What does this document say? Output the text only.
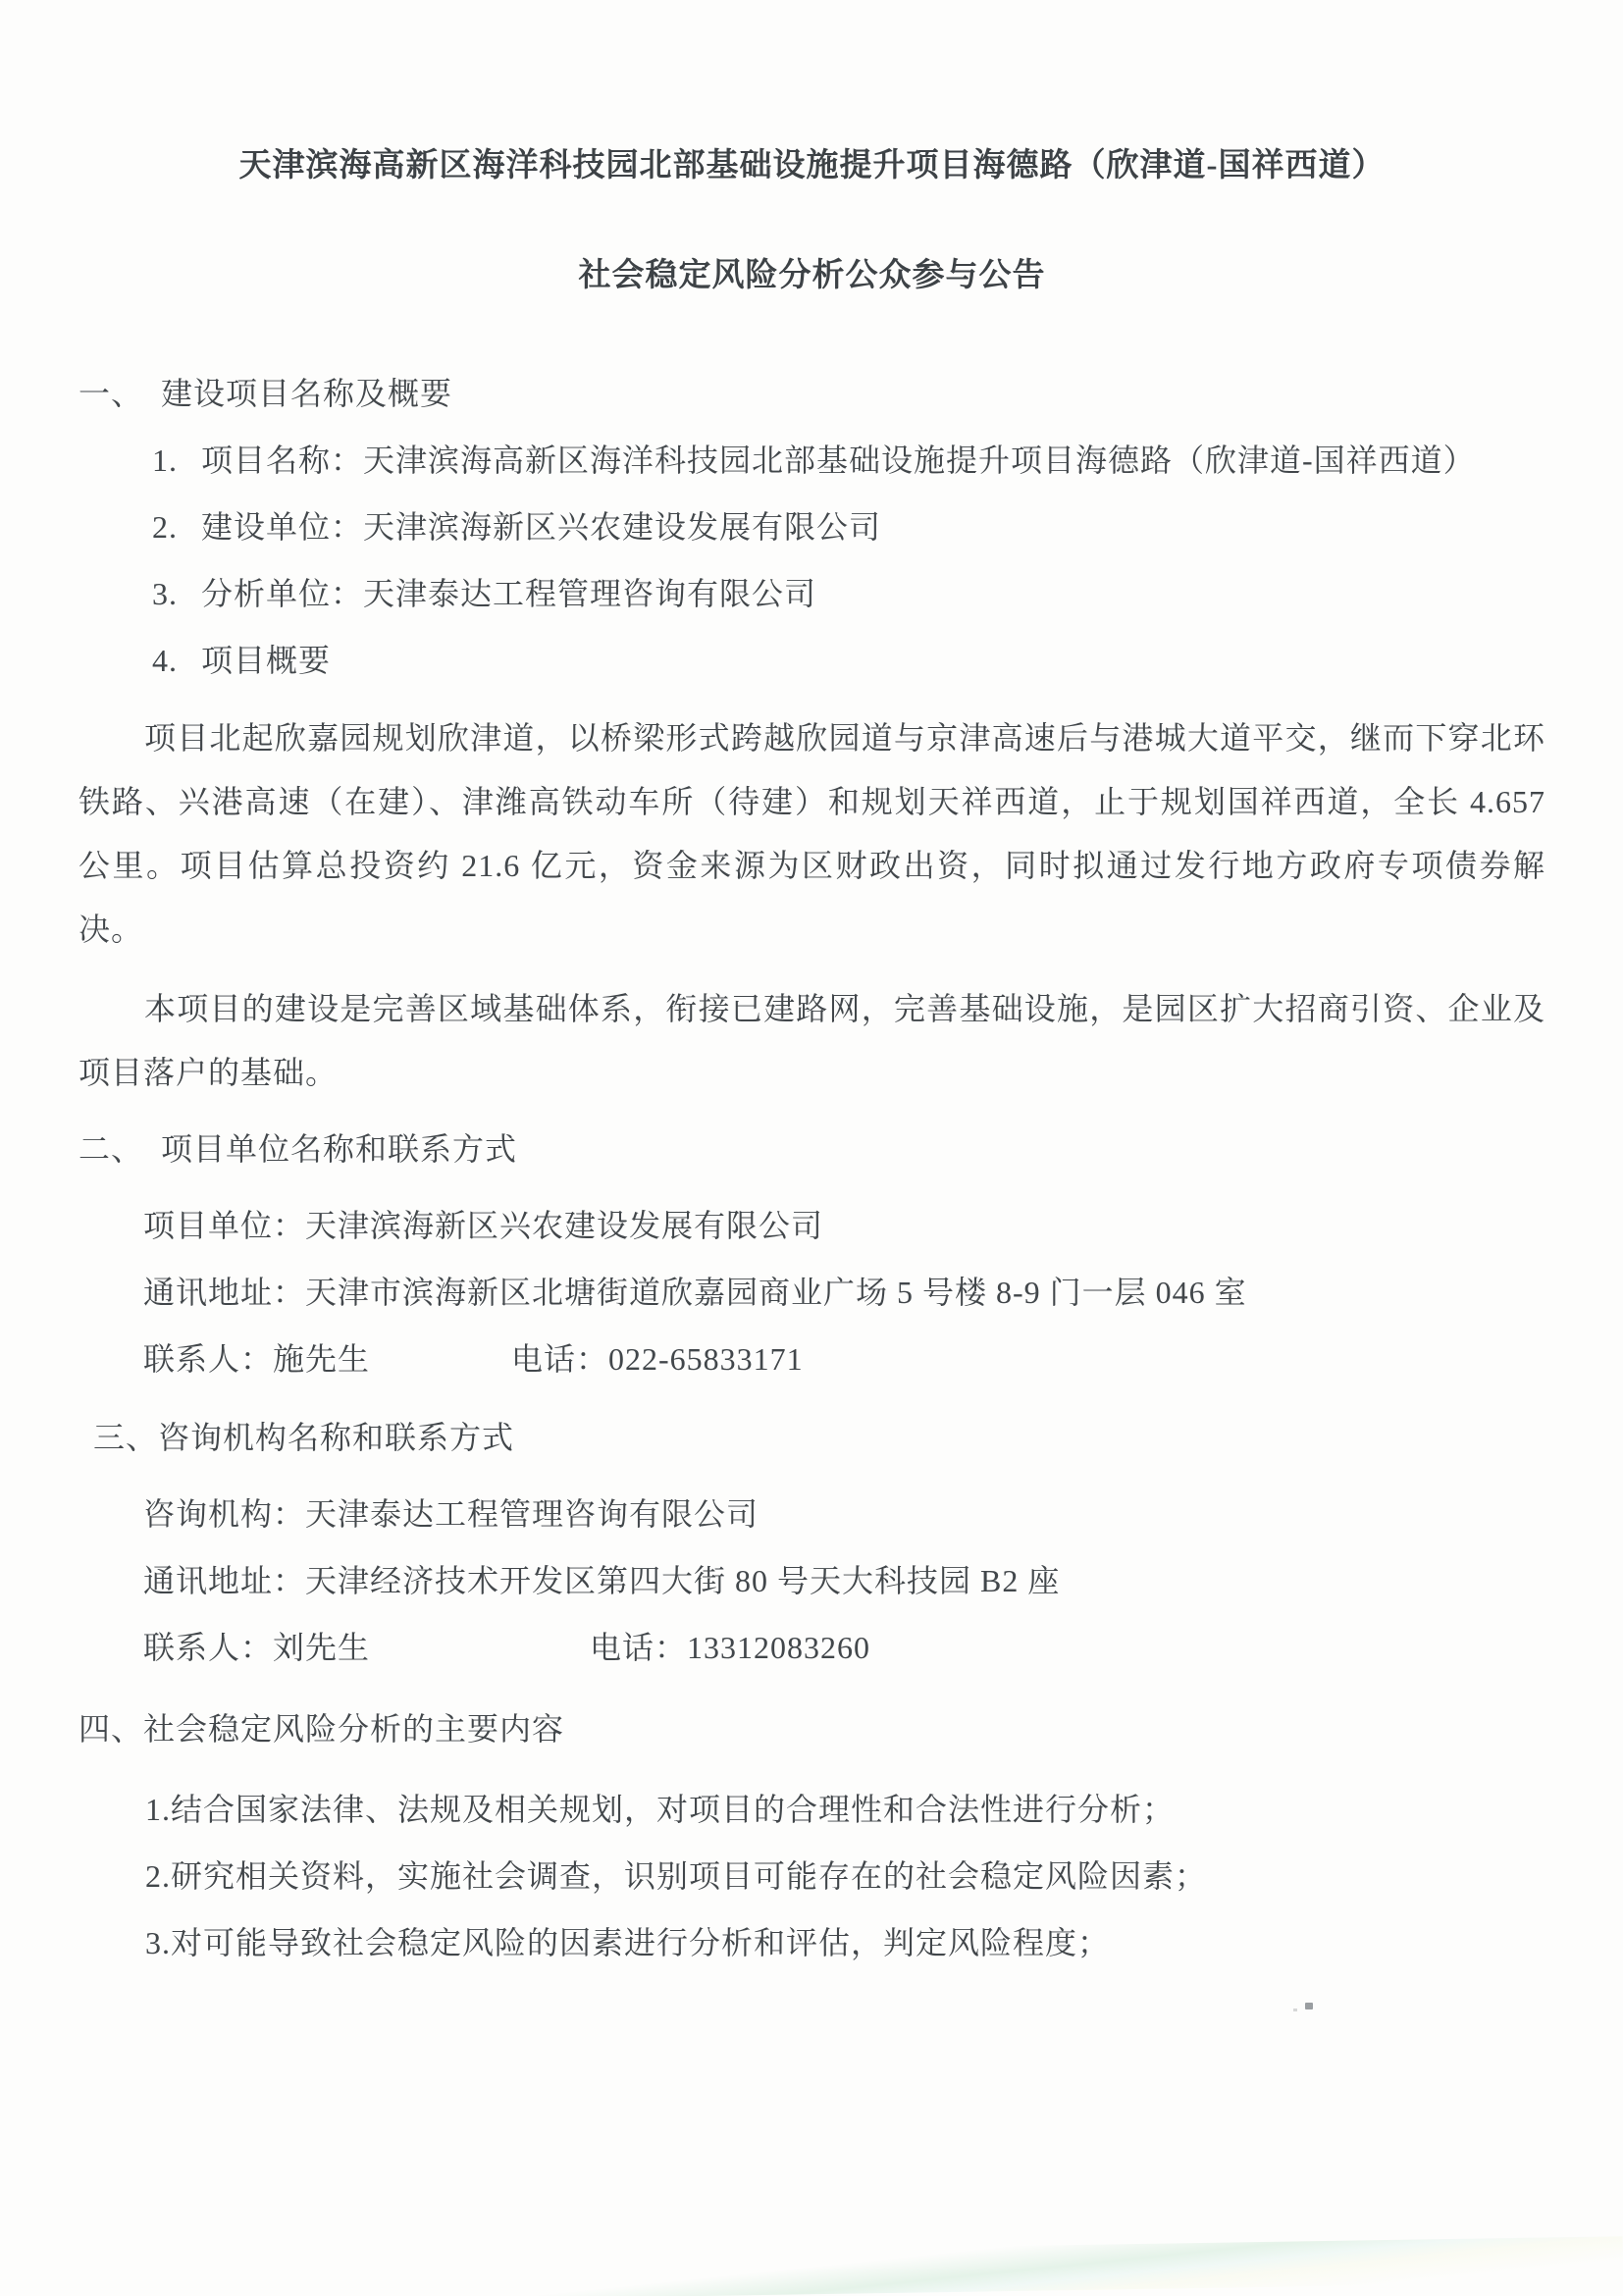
天津滨海高新区海洋科技园北部基础设施提升项目海德路（欣津道-国祥西道）
社会稳定风险分析公众参与公告
一、 建设项目名称及概要
1. 项目名称：天津滨海高新区海洋科技园北部基础设施提升项目海德路（欣津道-国祥西道）
2. 建设单位：天津滨海新区兴农建设发展有限公司
3. 分析单位：天津泰达工程管理咨询有限公司
4. 项目概要

项目北起欣嘉园规划欣津道，以桥梁形式跨越欣园道与京津高速后与港城大道平交，继而下穿北环铁路、兴港高速（在建）、津潍高铁动车所（待建）和规划天祥西道，止于规划国祥西道，全长 4.657 公里。项目估算总投资约 21.6 亿元，资金来源为区财政出资，同时拟通过发行地方政府专项债券解决。

本项目的建设是完善区域基础体系，衔接已建路网，完善基础设施，是园区扩大招商引资、企业及项目落户的基础。

二、 项目单位名称和联系方式
项目单位：天津滨海新区兴农建设发展有限公司
通讯地址：天津市滨海新区北塘街道欣嘉园商业广场 5 号楼 8-9 门一层 046 室
联系人：施先生	电话：022-65833171
三、 咨询机构名称和联系方式
咨询机构：天津泰达工程管理咨询有限公司
通讯地址：天津经济技术开发区第四大街 80 号天大科技园 B2 座
联系人：刘先生	电话：13312083260
四、 社会稳定风险分析的主要内容
1.结合国家法律、法规及相关规划，对项目的合理性和合法性进行分析；
2.研究相关资料，实施社会调查，识别项目可能存在的社会稳定风险因素；
3.对可能导致社会稳定风险的因素进行分析和评估，判定风险程度；
